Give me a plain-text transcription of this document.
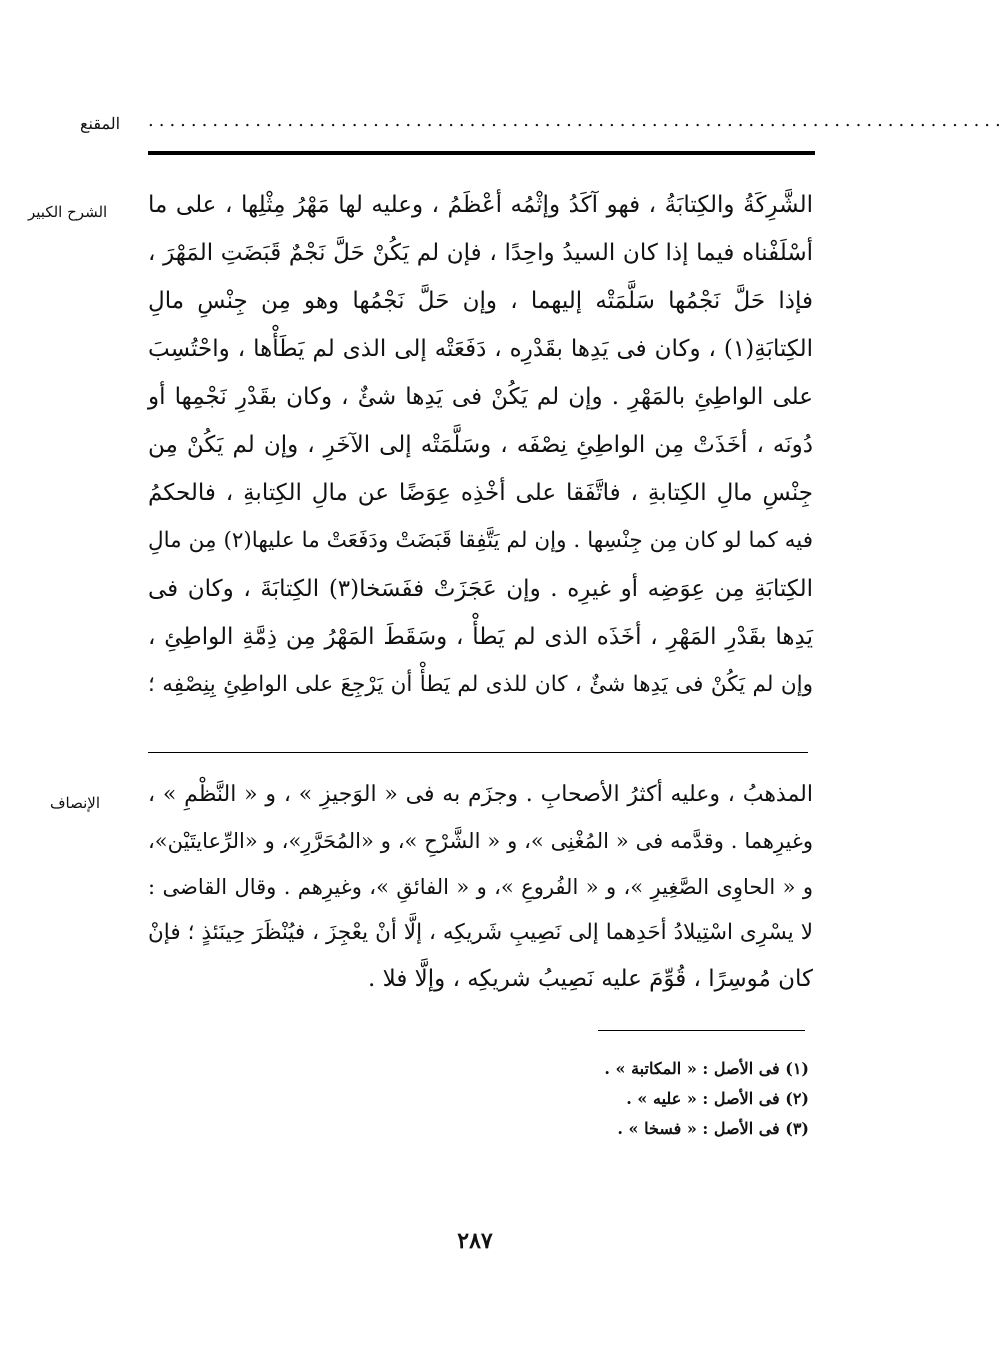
المقنع ................................................................................
الشرح الكبير الشَّرِكَةُ والكِتابَةُ ، فهو آكَدُ وإثْمُه أعْظَمُ ، وعليه لها مَهْرُ مِثْلِها ، على ما
أسْلَفْناه فيما إذا كان السيدُ واحِدًا ، فإن لم يَكُنْ حَلَّ نَجْمٌ قَبَضَتِ المَهْرَ ،
فإذا حَلَّ نَجْمُها سَلَّمَتْه إليهما ، وإن حَلَّ نَجْمُها وهو مِن جِنْسِ مالِ
الكِتابَةِ(١) ، وكان فى يَدِها بقَدْرِه ، دَفَعَتْه إلى الذى لم يَطَأْها ، واحْتُسِبَ
على الواطِئِ بالمَهْرِ . وإن لم يَكُنْ فى يَدِها شئٌ ، وكان بقَدْرِ نَجْمِها أو
دُونَه ، أخَذَتْ مِن الواطِئِ نِصْفَه ، وسَلَّمَتْه إلى الآخَرِ ، وإن لم يَكُنْ مِن
جِنْسِ مالِ الكِتابةِ ، فاتَّفَقا على أخْذِه عِوَضًا عن مالِ الكِتابةِ ، فالحكمُ
فيه كما لو كان مِن جِنْسِها . وإن لم يَتَّفِقا قَبَضَتْ ودَفَعَتْ ما عليها(٢) مِن مالِ
الكِتابَةِ مِن عِوَضِه أو غيرِه . وإن عَجَزَتْ ففَسَخا(٣) الكِتابَةَ ، وكان فى
يَدِها بقَدْرِ المَهْرِ ، أخَذَه الذى لم يَطأْ ، وسَقَطَ المَهْرُ مِن ذِمَّةِ الواطِئِ ،
وإن لم يَكُنْ فى يَدِها شئٌ ، كان للذى لم يَطأْ أن يَرْجِعَ على الواطِئِ بِنِصْفِه ؛
الإنصاف المذهبُ ، وعليه أكثرُ الأصحابِ . وجزَم به فى « الوَجيزِ » ، و « النَّظْمِ » ،
وغيرِهما . وقدَّمه فى « المُغْنِى »، و « الشَّرْحِ »، و «المُحَرَّرِ»، و «الرِّعايتَيْن»،
و « الحاوِى الصَّغِيرِ »، و « الفُروعِ »، و « الفائقِ »، وغيرِهم . وقال القاضى :
لا يسْرِى اسْتِيلادُ أحَدِهما إلى نَصِيبِ شَريكِه ، إلَّا أنْ يعْجِزَ ، فيُنْظَرَ حِينَئذٍ ؛ فإنْ
كان مُوسِرًا ، قُوِّمَ عليه نَصِيبُ شريكِه ، وإلَّا فلا .
(١) فى الأصل : « المكاتبة » .
(٢) فى الأصل : « عليه » .
(٣) فى الأصل : « فسخا » .
٢٨٧
